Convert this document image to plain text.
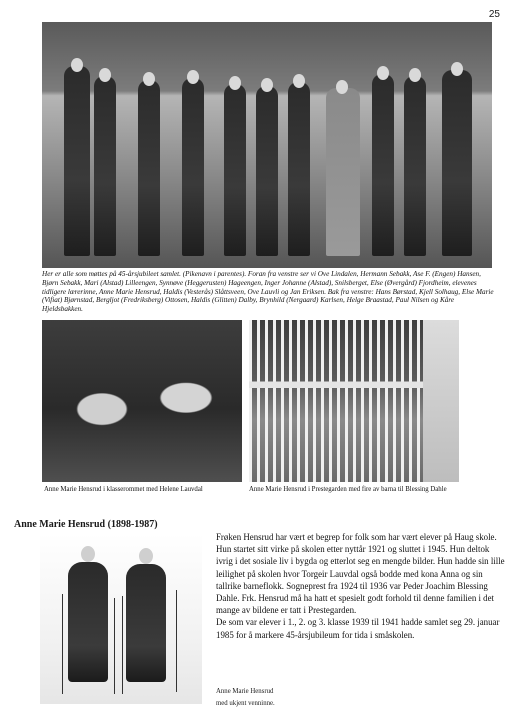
25
Her er alle som møttes på 45-årsjubileet samlet. (Pikenavn i parentes). Foran fra venstre ser vi Ove Lindalen, Hermann Sebakk, Ase F. (Engen) Hansen, Bjørn Sebakk, Mari (Alstad) Lilleengen, Synnøve (Heggerusten) Hageengen, Inger Johanne (Alstad), Snilsberget, Else (Øvergård) Fjordheim, elevenes tidligere lærerinne, Anne Marie Hensrud, Haldis (Vesterås) Slåttsveen, Ove Lauvli og Jan Eriksen. Bak fra venstre: Hans Børstad, Kjell Solhaug, Else Marie (Vifiat) Bjørnstad, Bergljot (Fredriksberg) Ottosen, Haldis (Glitten) Dalby, Brynhild (Nergaard) Karlsen, Helge Braastad, Paul Nilsen og Kåre Hjeldsbakken.
Anne Marie Hensrud i klasserommet med Helene Lauvdal	Anne Marie Hensrud i Prestegarden med fire av barna til Blessing Dahle
Anne Marie Hensrud (1898-1987)

Frøken Hensrud har vært et begrep for folk som har vært elever på Haug skole. Hun startet sitt virke på skolen etter nyttår 1921 og sluttet i 1945. Hun deltok ivrig i det sosiale liv i bygda og etterlot seg en mengde bilder. Hun hadde sin lille leilighet på skolen hvor Torgeir Lauvdal også bodde med kona Anna og sin tallrike barneflokk. Sogneprest fra 1924 til 1936 var Peder Joachim Blessing Dahle. Frk. Hensrud må ha hatt et spesielt godt forhold til denne familien i det mange av bildene er tatt i Prestegarden.

De som var elever i 1., 2. og 3. klasse 1939 til 1941 hadde samlet seg 29. januar 1985 for å markere 45-årsjubileum for tida i småskolen.

Anne Marie Hensrud
med ukjent venninne.
